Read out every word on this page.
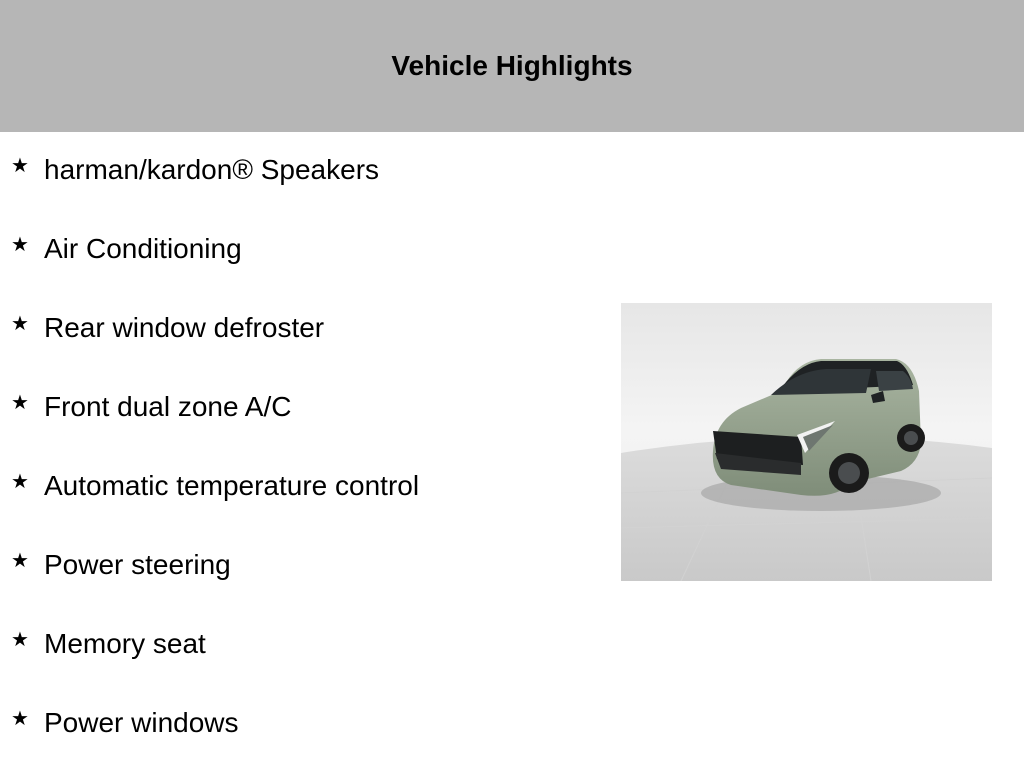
Vehicle Highlights
★ harman/kardon® Speakers
★ Air Conditioning
★ Rear window defroster
★ Front dual zone A/C
★ Automatic temperature control
★ Power steering
★ Memory seat
★ Power windows
